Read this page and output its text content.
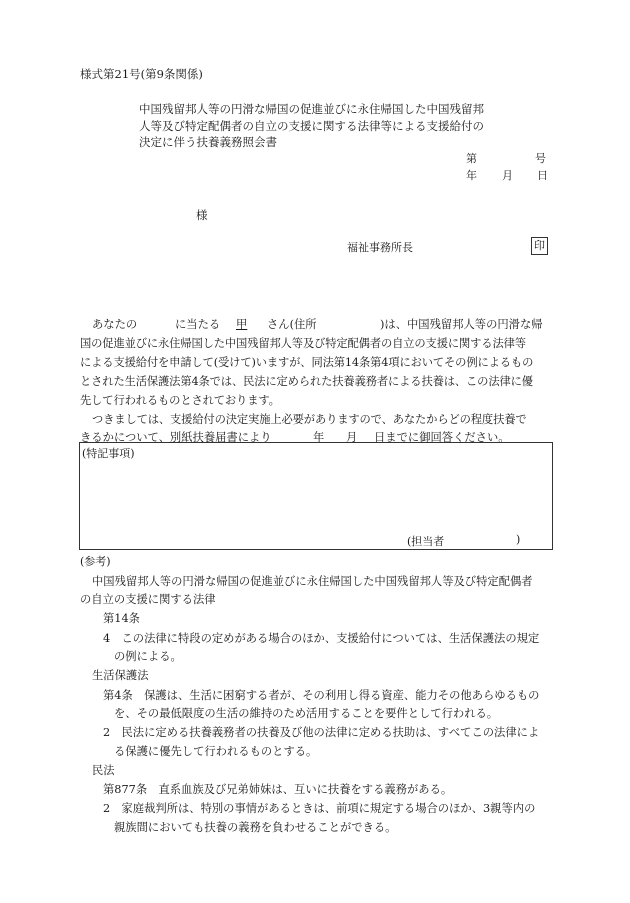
様式第21号(第9条関係)
中国残留邦人等の円滑な帰国の促進並びに永住帰国した中国残留邦
人等及び特定配偶者の自立の支援に関する法律等による支援給付の
決定に伴う扶養義務照会書
第	号
年 月 日
様
福祉事務所長	印
あなたの	に当たる 甲 さん(住所	)は、中国残留邦人等の円滑な帰
国の促進並びに永住帰国した中国残留邦人等及び特定配偶者の自立の支援に関する法律等
による支援給付を申請して(受けて)いますが、同法第14条第4項においてその例によるもの
とされた生活保護法第4条では、民法に定められた扶養義務者による扶養は、この法律に優
先して行われるものとされております。
つきましては、支援給付の決定実施上必要がありますので、あなたからどの程度扶養で
きるかについて、別紙扶養届書により	年 月 日までに御回答ください。
(特記事項)
(担当者	)
(参考)
中国残留邦人等の円滑な帰国の促進並びに永住帰国した中国残留邦人等及び特定配偶者
の自立の支援に関する法律
第14条
4　この法律に特段の定めがある場合のほか、支援給付については、生活保護法の規定
の例による。
生活保護法
第4条　保護は、生活に困窮する者が、その利用し得る資産、能力その他あらゆるもの
を、その最低限度の生活の維持のため活用することを要件として行われる。
2　民法に定める扶養義務者の扶養及び他の法律に定める扶助は、すべてこの法律によ
る保護に優先して行われるものとする。
民法
第877条　直系血族及び兄弟姉妹は、互いに扶養をする義務がある。
2　家庭裁判所は、特別の事情があるときは、前項に規定する場合のほか、3親等内の
親族間においても扶養の義務を負わせることができる。
